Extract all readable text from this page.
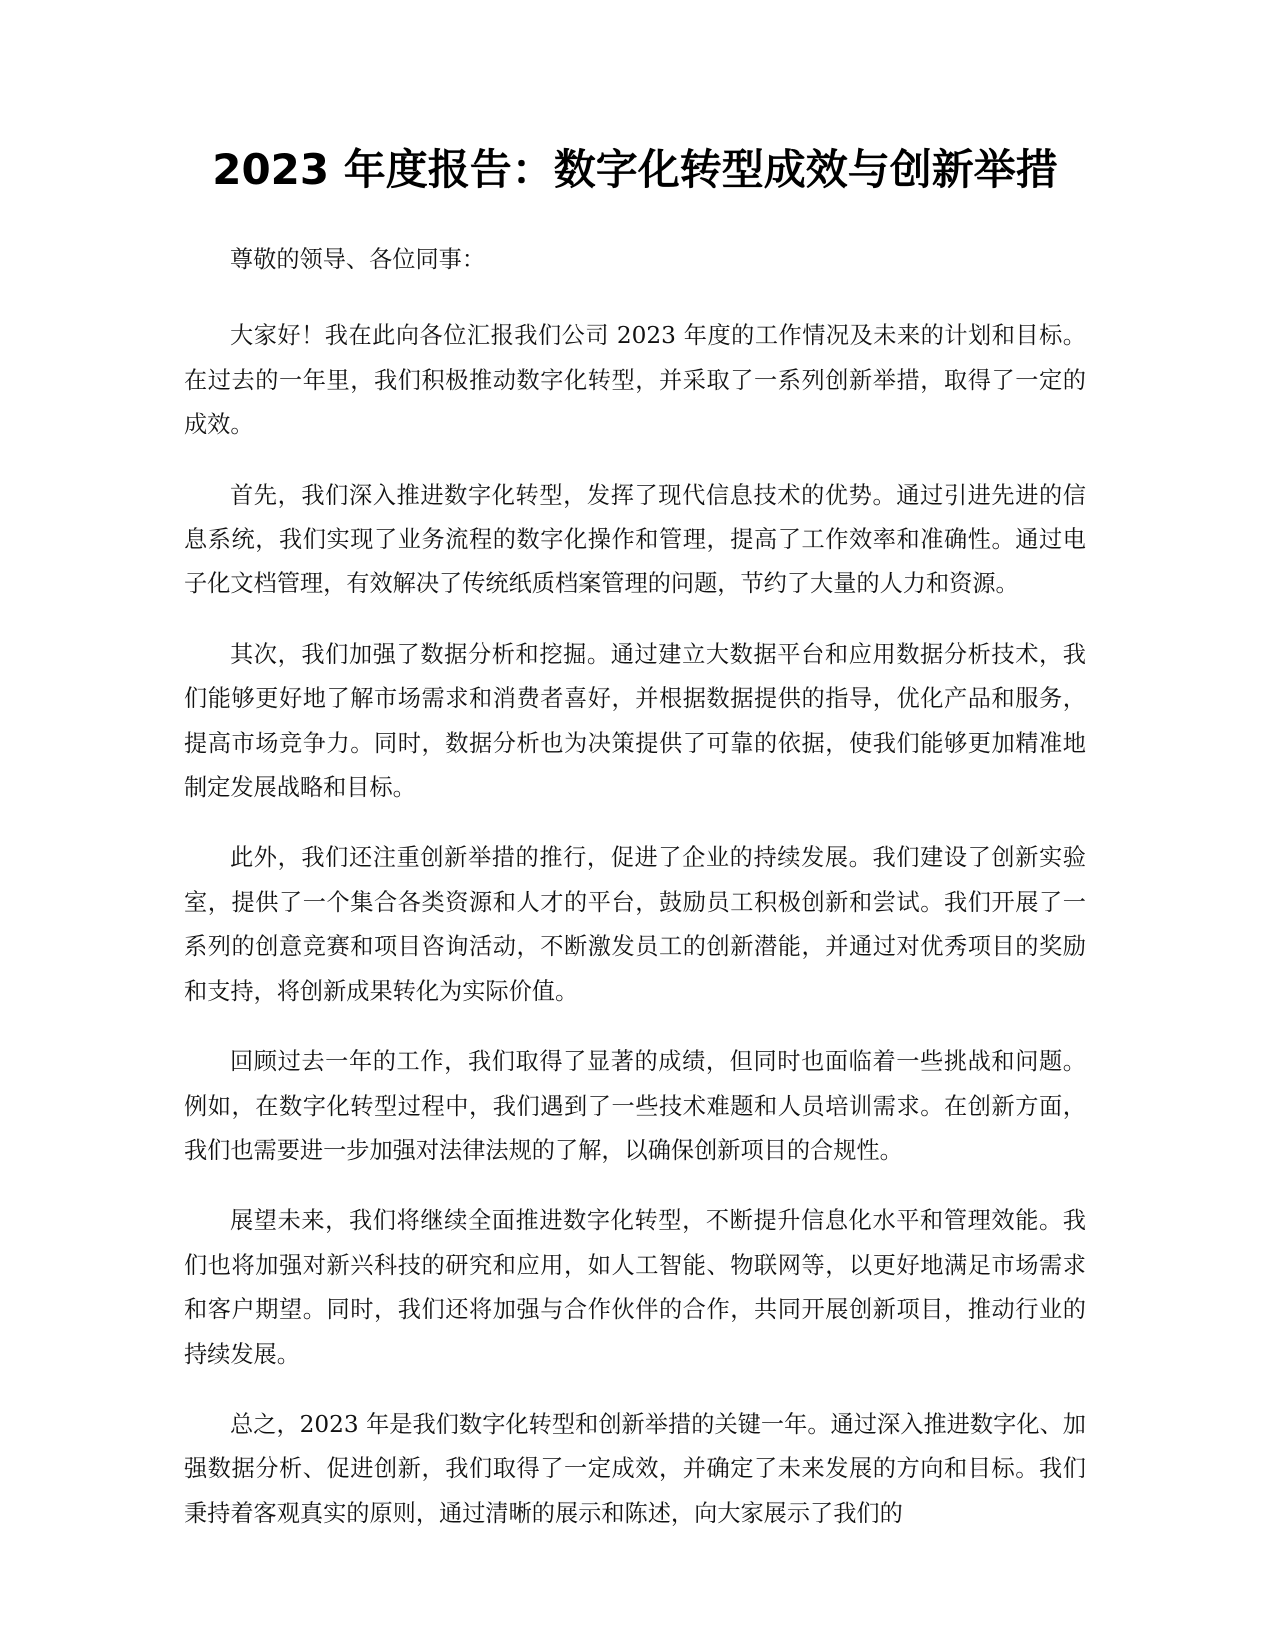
2023 年度报告：数字化转型成效与创新举措

尊敬的领导、各位同事：

大家好！我在此向各位汇报我们公司 2023 年度的工作情况及未来的计划和目标。在过去的一年里，我们积极推动数字化转型，并采取了一系列创新举措，取得了一定的成效。

首先，我们深入推进数字化转型，发挥了现代信息技术的优势。通过引进先进的信息系统，我们实现了业务流程的数字化操作和管理，提高了工作效率和准确性。通过电子化文档管理，有效解决了传统纸质档案管理的问题，节约了大量的人力和资源。

其次，我们加强了数据分析和挖掘。通过建立大数据平台和应用数据分析技术，我们能够更好地了解市场需求和消费者喜好，并根据数据提供的指导，优化产品和服务，提高市场竞争力。同时，数据分析也为决策提供了可靠的依据，使我们能够更加精准地制定发展战略和目标。

此外，我们还注重创新举措的推行，促进了企业的持续发展。我们建设了创新实验室，提供了一个集合各类资源和人才的平台，鼓励员工积极创新和尝试。我们开展了一系列的创意竞赛和项目咨询活动，不断激发员工的创新潜能，并通过对优秀项目的奖励和支持，将创新成果转化为实际价值。

回顾过去一年的工作，我们取得了显著的成绩，但同时也面临着一些挑战和问题。例如，在数字化转型过程中，我们遇到了一些技术难题和人员培训需求。在创新方面，我们也需要进一步加强对法律法规的了解，以确保创新项目的合规性。

展望未来，我们将继续全面推进数字化转型，不断提升信息化水平和管理效能。我们也将加强对新兴科技的研究和应用，如人工智能、物联网等，以更好地满足市场需求和客户期望。同时，我们还将加强与合作伙伴的合作，共同开展创新项目，推动行业的持续发展。

总之，2023 年是我们数字化转型和创新举措的关键一年。通过深入推进数字化、加强数据分析、促进创新，我们取得了一定成效，并确定了未来发展的方向和目标。我们秉持着客观真实的原则，通过清晰的展示和陈述，向大家展示了我们的
